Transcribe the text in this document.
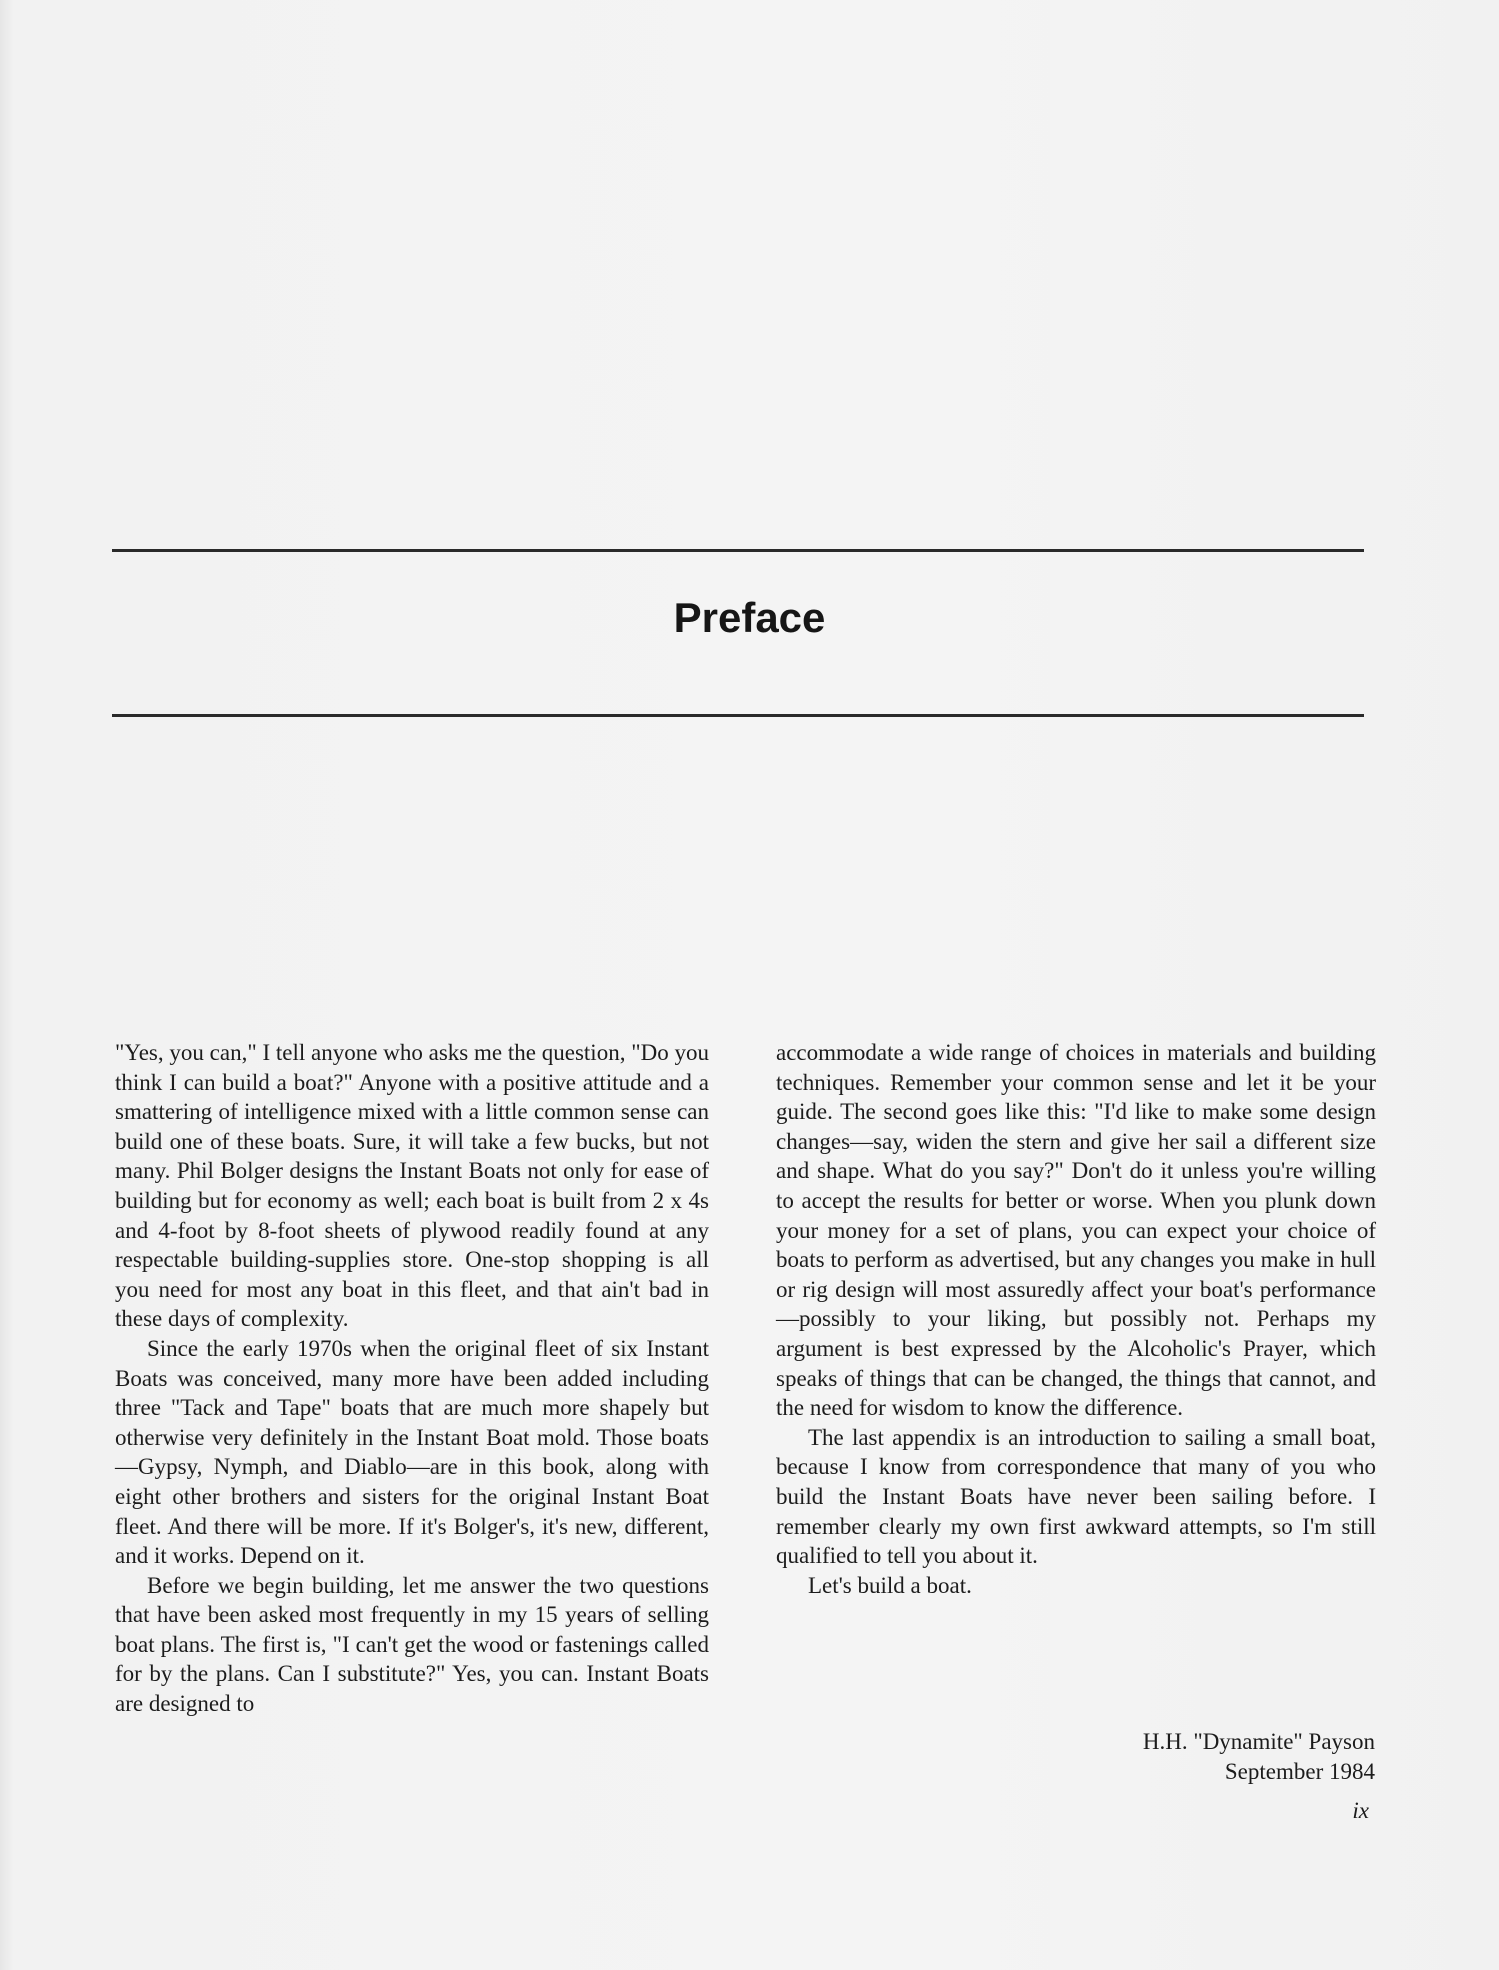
Preface

"Yes, you can," I tell anyone who asks me the question, "Do you think I can build a boat?" Anyone with a positive attitude and a smattering of intelligence mixed with a little common sense can build one of these boats. Sure, it will take a few bucks, but not many. Phil Bolger designs the Instant Boats not only for ease of building but for economy as well; each boat is built from 2 x 4s and 4-foot by 8-foot sheets of plywood readily found at any respectable building-supplies store. One-stop shopping is all you need for most any boat in this fleet, and that ain't bad in these days of complexity.

Since the early 1970s when the original fleet of six Instant Boats was conceived, many more have been added including three "Tack and Tape" boats that are much more shapely but otherwise very definitely in the Instant Boat mold. Those boats—Gypsy, Nymph, and Diablo—are in this book, along with eight other brothers and sisters for the original Instant Boat fleet. And there will be more. If it's Bolger's, it's new, different, and it works. Depend on it.

Before we begin building, let me answer the two questions that have been asked most frequently in my 15 years of selling boat plans. The first is, "I can't get the wood or fastenings called for by the plans. Can I substitute?" Yes, you can. Instant Boats are designed to

accommodate a wide range of choices in materials and building techniques. Remember your common sense and let it be your guide. The second goes like this: "I'd like to make some design changes—say, widen the stern and give her sail a different size and shape. What do you say?" Don't do it unless you're willing to accept the results for better or worse. When you plunk down your money for a set of plans, you can expect your choice of boats to perform as advertised, but any changes you make in hull or rig design will most assuredly affect your boat's performance—possibly to your liking, but possibly not. Perhaps my argument is best expressed by the Alcoholic's Prayer, which speaks of things that can be changed, the things that cannot, and the need for wisdom to know the difference.

The last appendix is an introduction to sailing a small boat, because I know from correspondence that many of you who build the Instant Boats have never been sailing before. I remember clearly my own first awkward attempts, so I'm still qualified to tell you about it.

Let's build a boat.

H.H. "Dynamite" Payson
September 1984
ix
